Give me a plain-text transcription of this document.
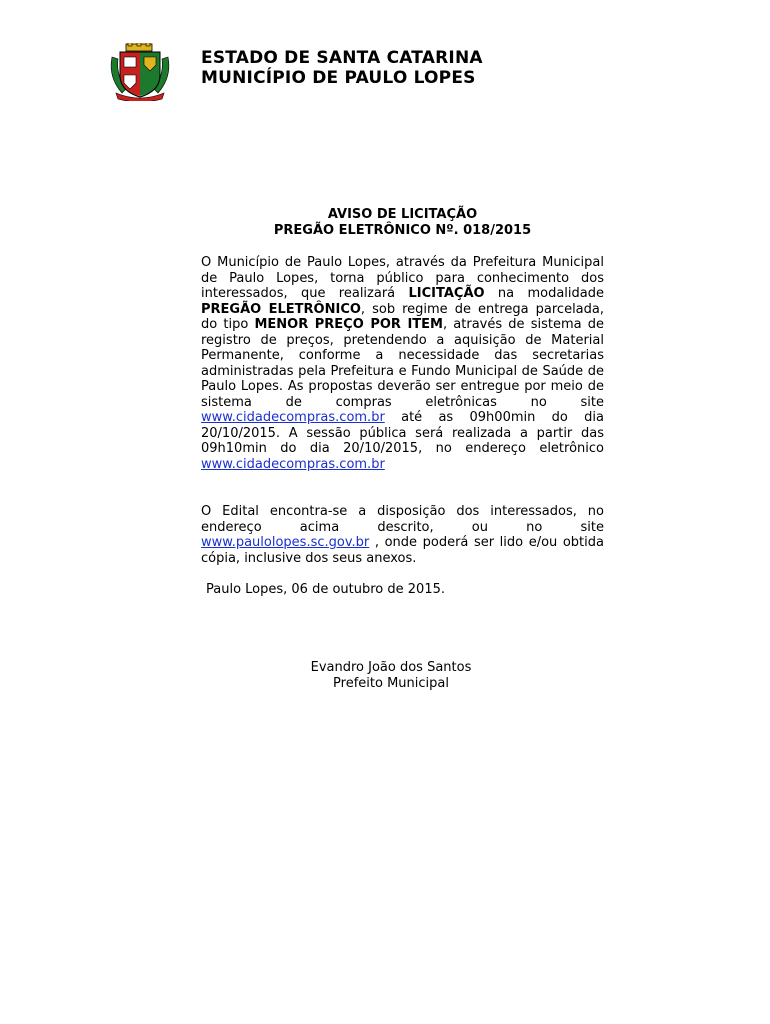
ESTADO DE SANTA CATARINA
MUNICÍPIO DE PAULO LOPES
AVISO DE LICITAÇÃO
PREGÃO ELETRÔNICO Nº. 018/2015
O Município de Paulo Lopes, através da Prefeitura Municipal de Paulo Lopes, torna público para conhecimento dos interessados, que realizará LICITAÇÃO na modalidade PREGÃO ELETRÔNICO, sob regime de entrega parcelada, do tipo MENOR PREÇO POR ITEM, através de sistema de registro de preços, pretendendo a aquisição de Material Permanente, conforme a necessidade das secretarias administradas pela Prefeitura e Fundo Municipal de Saúde de Paulo Lopes. As propostas deverão ser entregue por meio de sistema de compras eletrônicas no site www.cidadecompras.com.br até as 09h00min do dia 20/10/2015. A sessão pública será realizada a partir das 09h10min do dia 20/10/2015, no endereço eletrônico www.cidadecompras.com.br
O Edital encontra-se a disposição dos interessados, no endereço acima descrito, ou no site www.paulolopes.sc.gov.br , onde poderá ser lido e/ou obtida cópia, inclusive dos seus anexos.
Paulo Lopes, 06 de outubro de 2015.
Evandro João dos Santos
Prefeito Municipal
